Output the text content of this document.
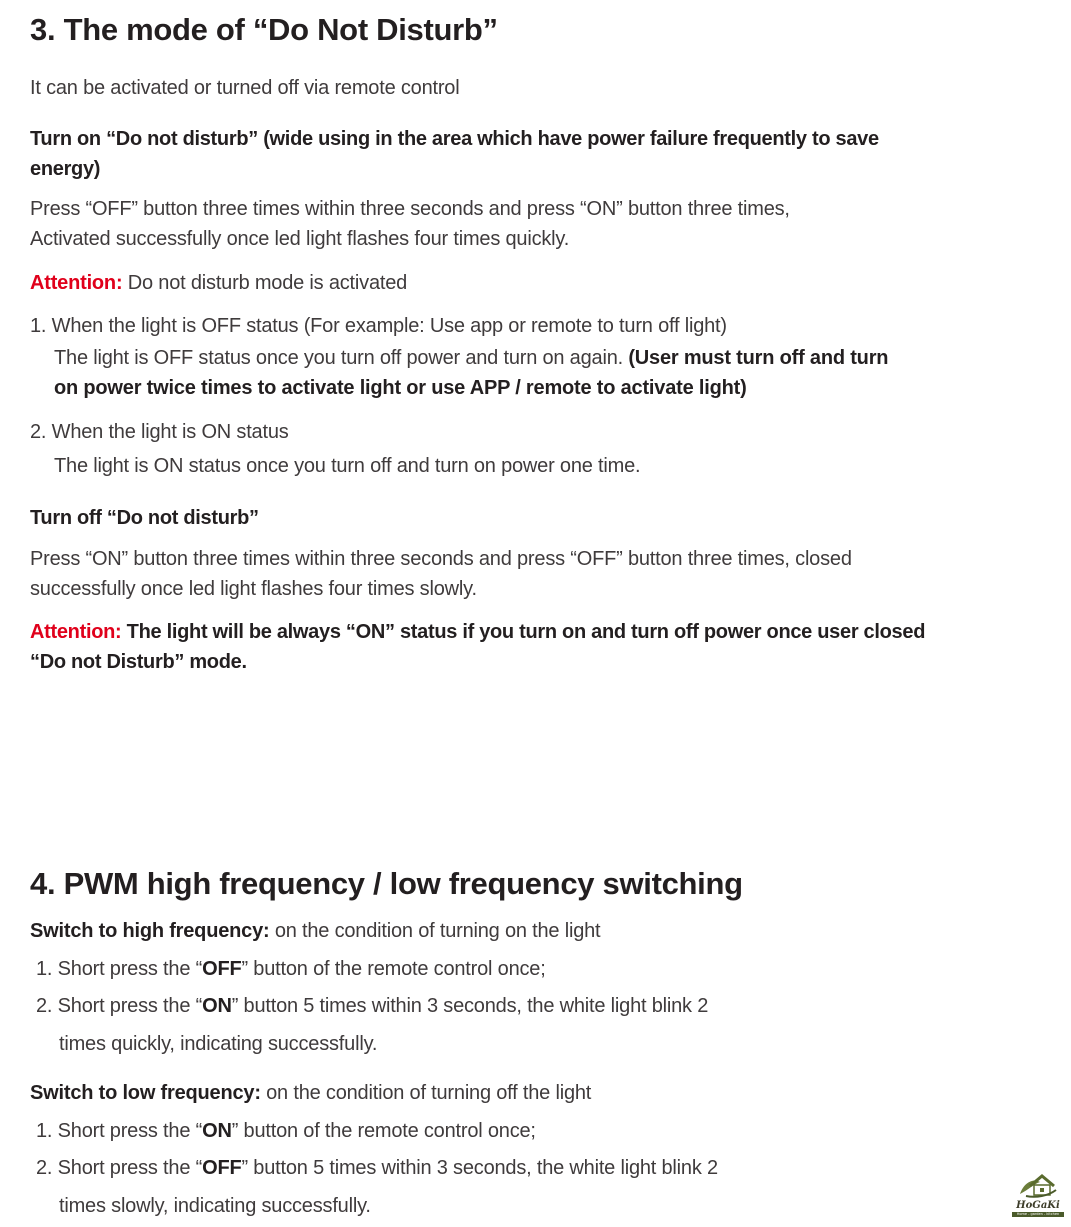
3. The mode of “Do Not Disturb”
It can be activated or turned off via remote control
Turn on “Do not disturb” (wide using in the area which have power failure frequently to save
energy)
Press “OFF” button three times within three seconds and press “ON” button three times,
Activated successfully once led light flashes four times quickly.
Attention: Do not disturb mode is activated
1. When the light is OFF status (For example: Use app or remote to turn off light)
The light is OFF status once you turn off power and turn on again. (User must turn off and turn
on power twice times to activate light or use APP / remote to activate light)
2. When the light is ON status
The light is ON status once you turn off and turn on power one time.
Turn off “Do not disturb”
Press “ON” button three times within three seconds and press “OFF” button three times, closed
successfully once led light flashes four times slowly.
Attention: The light will be always “ON” status if you turn on and turn off power once user closed
“Do not Disturb” mode.
4. PWM high frequency / low frequency switching
Switch to high frequency: on the condition of turning on the light
1. Short press the “OFF” button of the remote control once;
2. Short press the “ON” button 5 times within 3 seconds, the white light blink 2
times quickly, indicating successfully.
Switch to low frequency: on the condition of turning off the light
1. Short press the “ON” button of the remote control once;
2. Short press the “OFF” button 5 times within 3 seconds, the white light blink 2
times slowly, indicating successfully.	HoGaKi
Home - garden - kitchen
